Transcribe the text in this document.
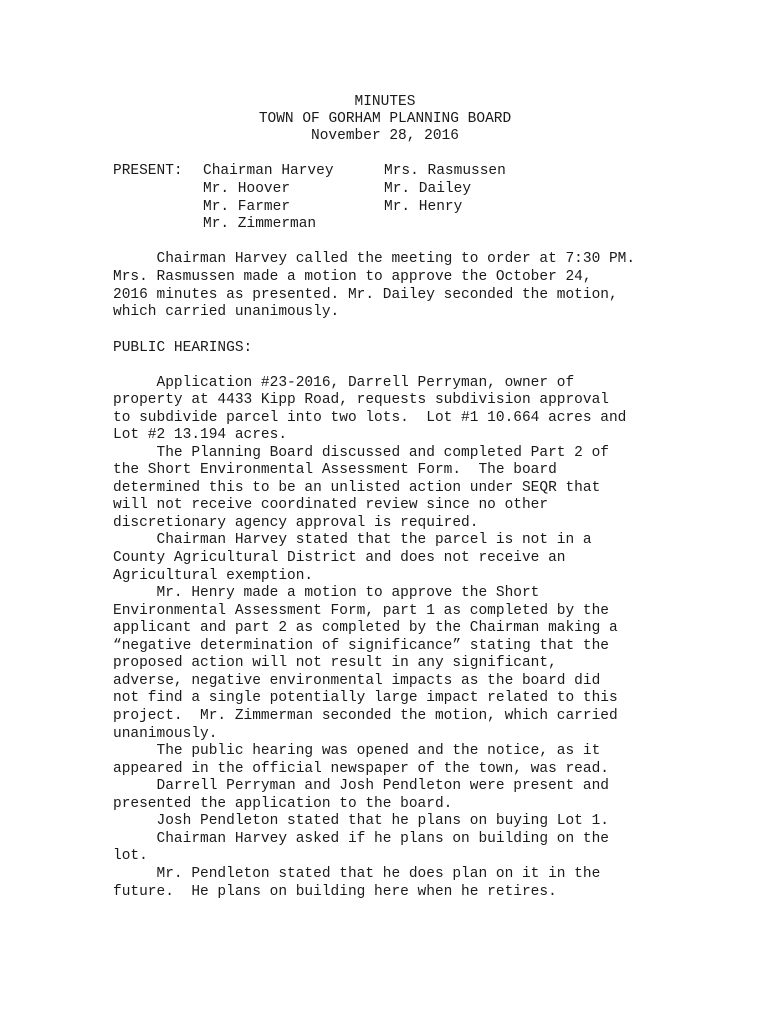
MINUTES
TOWN OF GORHAM PLANNING BOARD
November 28, 2016
PRESENT: Chairman Harvey
Mr. Hoover
Mr. Farmer
Mr. Zimmerman
Mrs. Rasmussen
Mr. Dailey
Mr. Henry
Chairman Harvey called the meeting to order at 7:30 PM.
Mrs. Rasmussen made a motion to approve the October 24,
2016 minutes as presented. Mr. Dailey seconded the motion,
which carried unanimously.
PUBLIC HEARINGS:
Application #23-2016, Darrell Perryman, owner of
property at 4433 Kipp Road, requests subdivision approval
to subdivide parcel into two lots.  Lot #1 10.664 acres and
Lot #2 13.194 acres.
The Planning Board discussed and completed Part 2 of
the Short Environmental Assessment Form.  The board
determined this to be an unlisted action under SEQR that
will not receive coordinated review since no other
discretionary agency approval is required.
Chairman Harvey stated that the parcel is not in a
County Agricultural District and does not receive an
Agricultural exemption.
Mr. Henry made a motion to approve the Short
Environmental Assessment Form, part 1 as completed by the
applicant and part 2 as completed by the Chairman making a
“negative determination of significance” stating that the
proposed action will not result in any significant,
adverse, negative environmental impacts as the board did
not find a single potentially large impact related to this
project.  Mr. Zimmerman seconded the motion, which carried
unanimously.
The public hearing was opened and the notice, as it
appeared in the official newspaper of the town, was read.
Darrell Perryman and Josh Pendleton were present and
presented the application to the board.
Josh Pendleton stated that he plans on buying Lot 1.
Chairman Harvey asked if he plans on building on the
lot.
Mr. Pendleton stated that he does plan on it in the
future.  He plans on building here when he retires.
